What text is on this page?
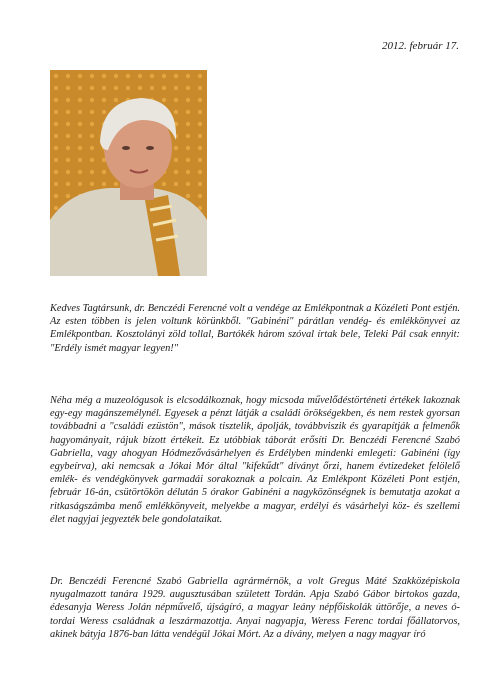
2012. február 17.
Kedves Tagtársunk, dr. Benczédi Ferencné volt a vendége az Emlékpontnak a Közéleti Pont estjén. Az esten többen is jelen voltunk körünkből. "Gabinéni" párátlan vendég- és emlékkönyvei az Emlékpontban. Kosztolányi zöld tollal, Bartókék három szóval írtak bele, Teleki Pál csak ennyit: "Erdély ismét magyar legyen!"
Néha még a muzeológusok is elcsodálkoznak, hogy micsoda művelődéstörténeti értékek lakoznak egy-egy magánszemélynél. Egyesek a pénzt látják a családi örökségekben, és nem restek gyorsan továbbadni a "családi ezüstön", mások tisztelik, ápolják, továbbviszik és gyarapítják a felmenők hagyományait, rájuk bízott értékeit. Ez utóbbiak táborát erősíti Dr. Benczédi Ferencné Szabó Gabriella, vagy ahogyan Hódmezővásárhelyen és Erdélyben mindenki emlegeti: Gabinéni (így egybeírva), aki nemcsak a Jókai Mór által "kifekűdt" díványt őrzi, hanem évtizedeket felölelő emlék- és vendégkönyvek garmadái sorakoznak a polcain. Az Emlékpont Közéleti Pont estjén, február 16-án, csütörtökön délután 5 órakor Gabinéni a nagyközönségnek is bemutatja azokat a ritkaságszámba menő emlékkönyveit, melyekbe a magyar, erdélyi és vásárhelyi köz- és szellemi élet nagyjai jegyezték bele gondolataikat.
Dr. Benczédi Ferencné Szabó Gabriella agrármérnök, a volt Gregus Máté Szakközépiskola nyugalmazott tanára 1929. augusztusában született Tordán. Apja Szabó Gábor birtokos gazda, édesanyja Weress Jolán népművelő, újságíró, a magyar leány népfőiskolák úttörője, a neves ó-tordai Weress családnak a leszármazottja. Anyai nagyapja, Weress Ferenc tordai főállatorvos, akinek bátyja 1876-ban látta vendégül Jókai Mórt. Az a dívány, melyen a nagy magyar író
